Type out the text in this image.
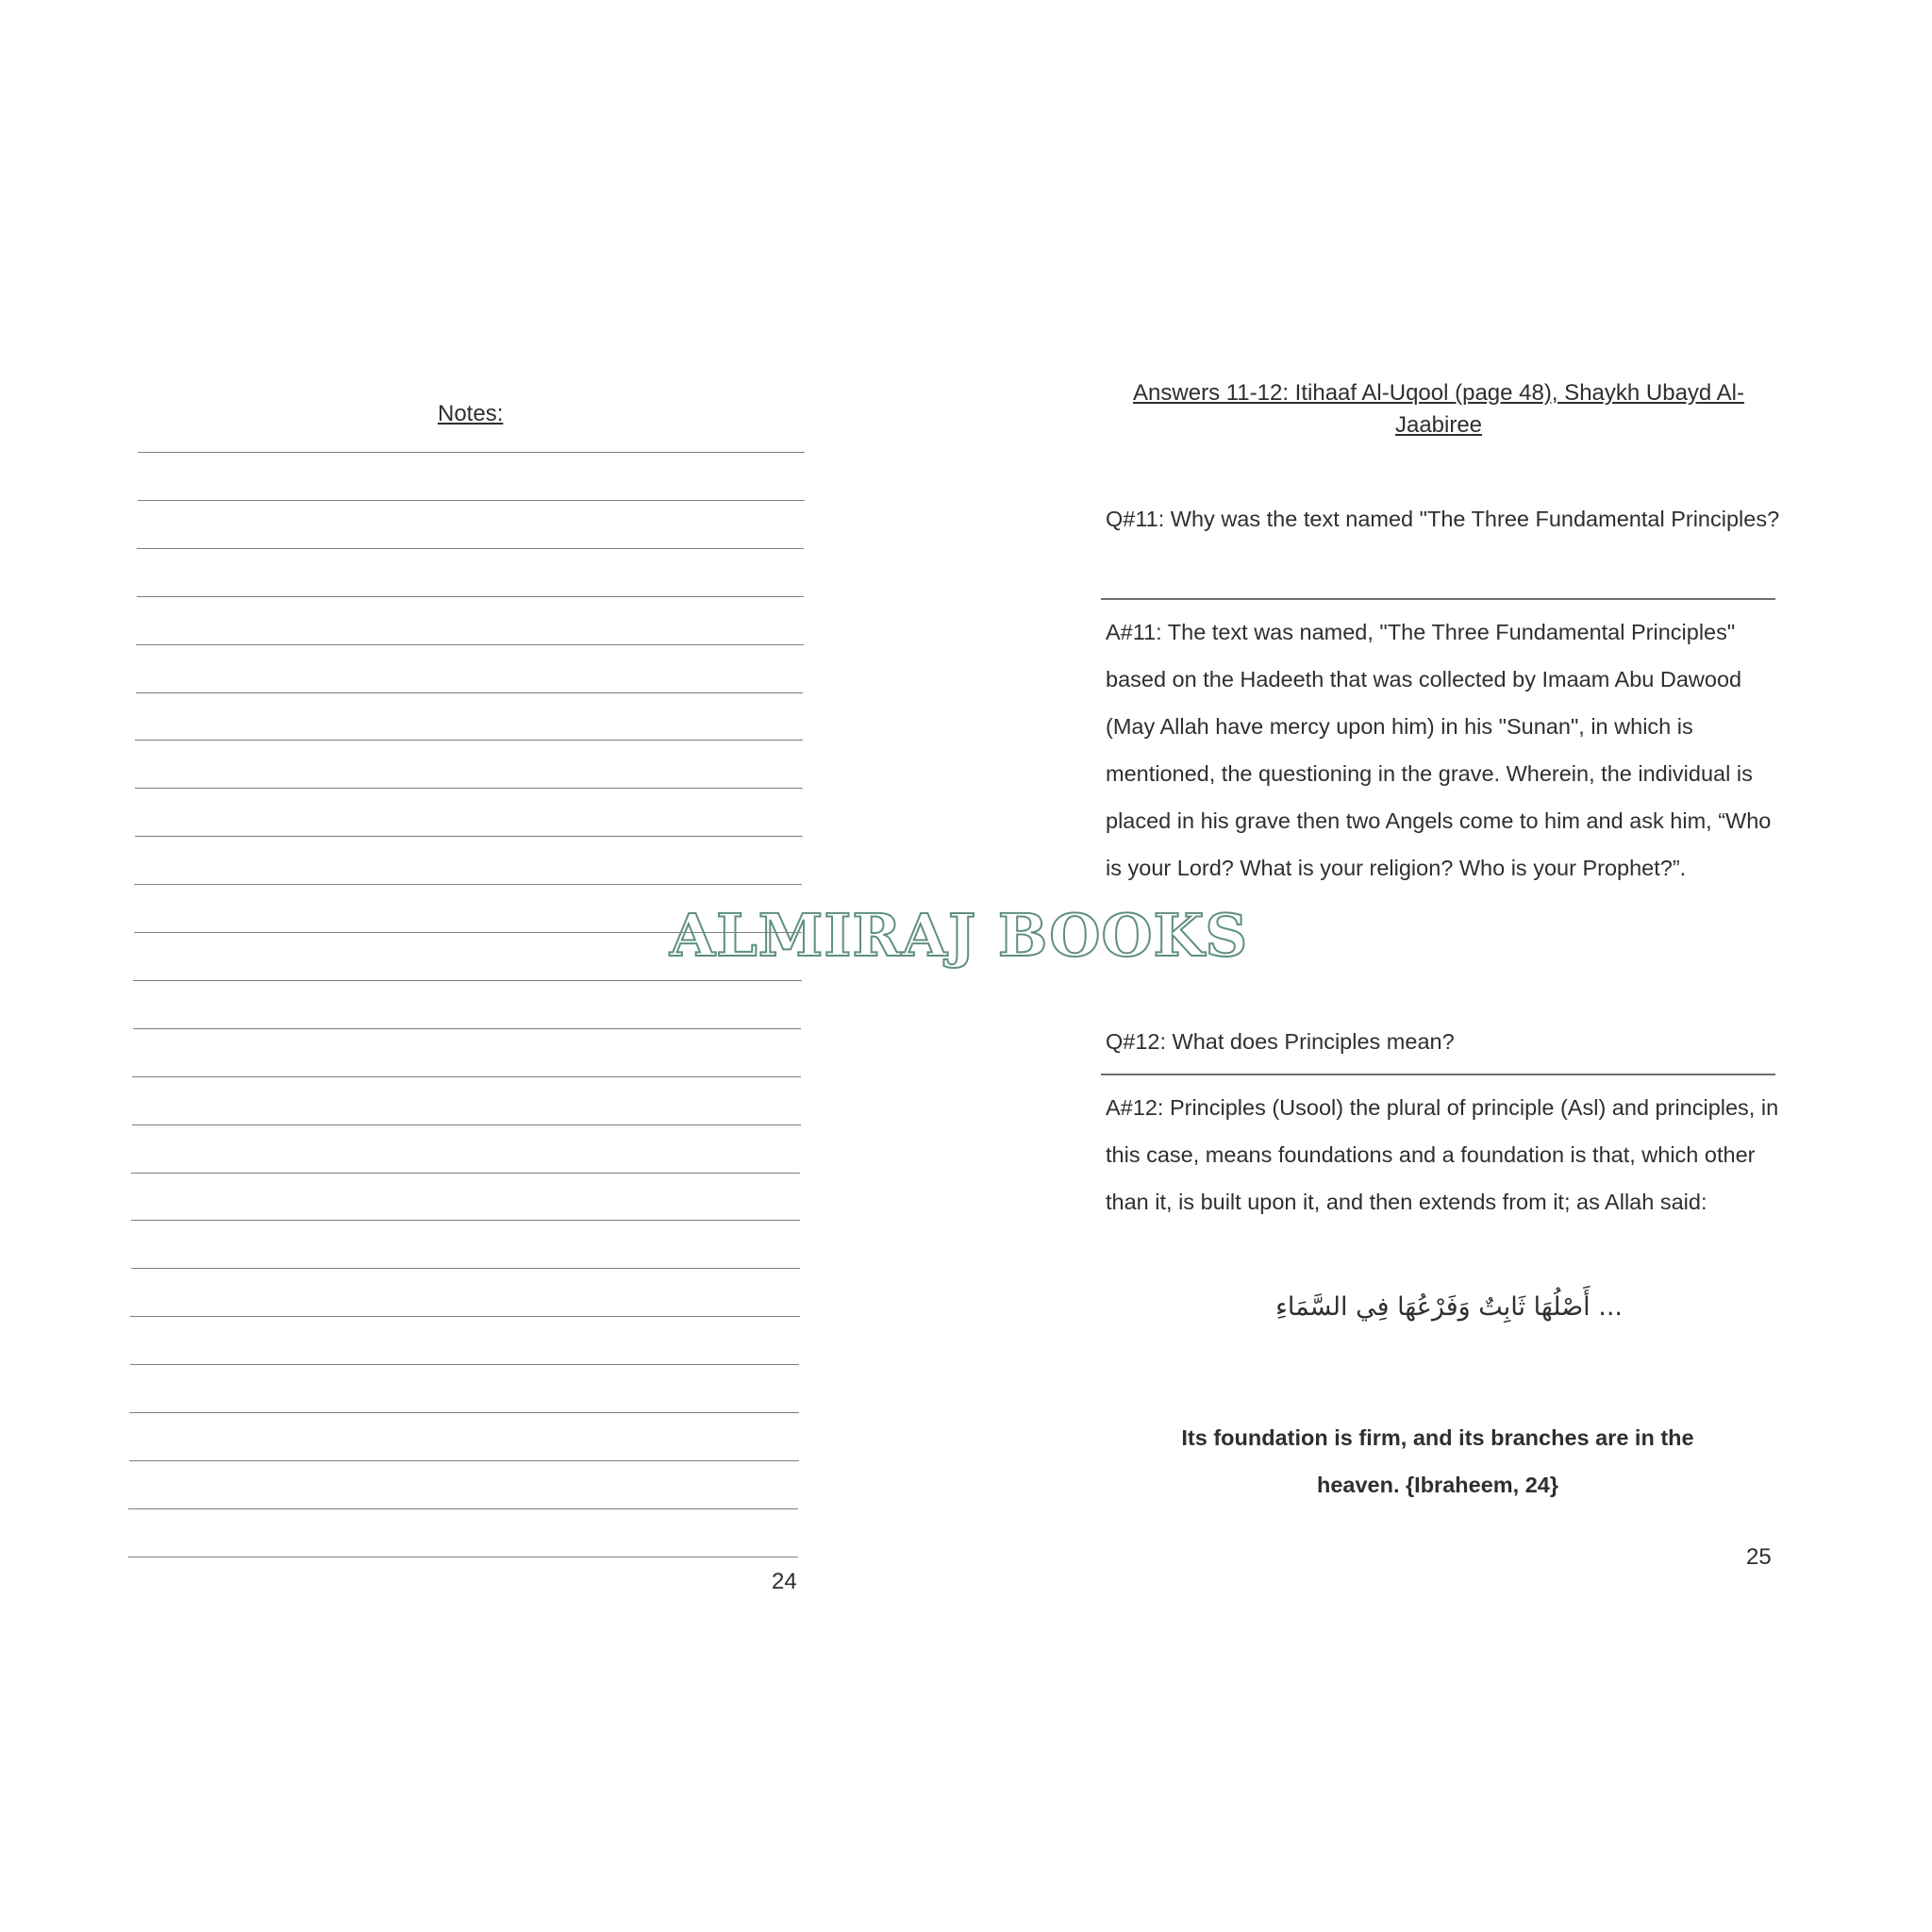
Notes:

24

Answers 11-12: Itihaaf Al-Uqool (page 48), Shaykh Ubayd Al-Jaabiree

Q#11: Why was the text named "The Three Fundamental Principles?

A#11: The text was named, "The Three Fundamental Principles" based on the Hadeeth that was collected by Imaam Abu Dawood (May Allah have mercy upon him) in his "Sunan", in which is mentioned, the questioning in the grave. Wherein, the individual is placed in his grave then two Angels come to him and ask him, “Who is your Lord? What is your religion? Who is your Prophet?”.

Q#12: What does Principles mean?

A#12: Principles (Usool) the plural of principle (Asl) and principles, in this case, means foundations and a foundation is that, which other than it, is built upon it, and then extends from it; as Allah said:

... أَصْلُهَا ثَابِتٌ وَفَرْعُهَا فِي السَّمَاءِ

Its foundation is firm, and its branches are in the heaven. {Ibraheem, 24}

25

ALMIRAJ BOOKS
